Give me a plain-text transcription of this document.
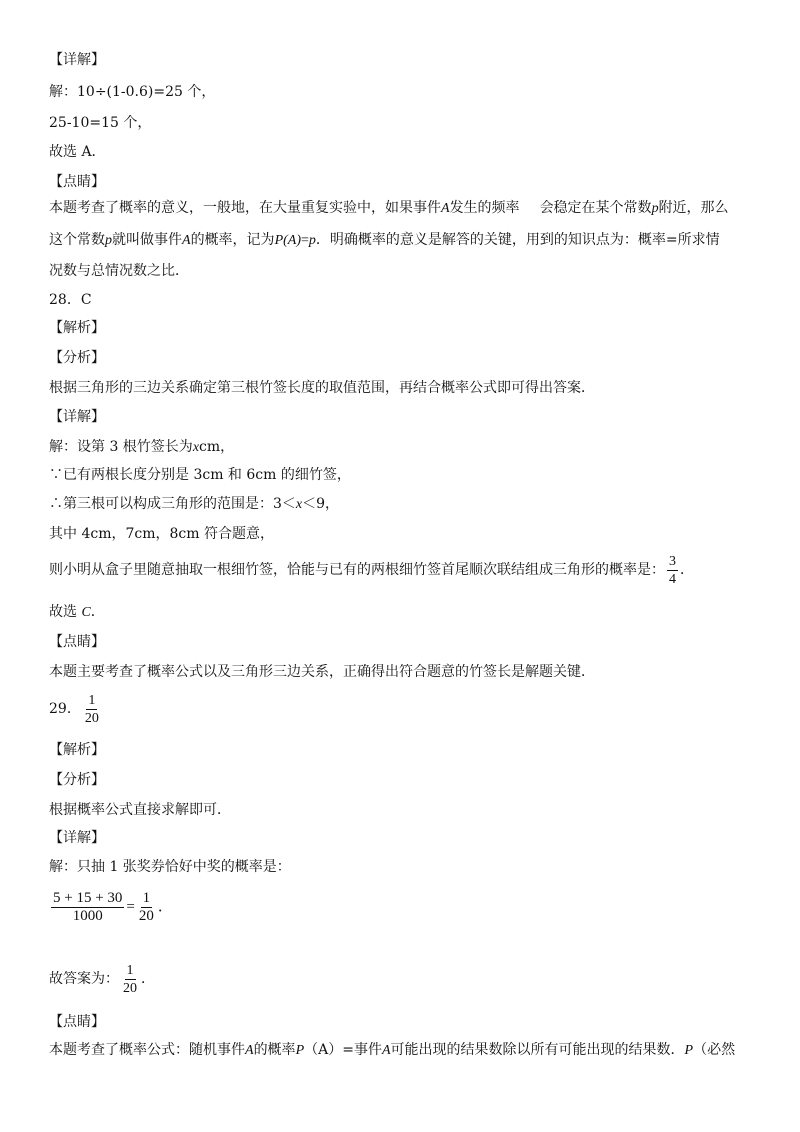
【详解】
解：10÷(1-0.6)=25 个，
25-10=15 个，
故选 A．
【点睛】
本题考查了概率的意义，一般地，在大量重复实验中，如果事件A发生的频率 会稳定在某个常数p附近，那么
这个常数p就叫做事件A的概率，记为P(A)=p．明确概率的意义是解答的关键，用到的知识点为：概率=所求情
况数与总情况数之比．
28．C
【解析】
【分析】
根据三角形的三边关系确定第三根竹签长度的取值范围，再结合概率公式即可得出答案．
【详解】
解：设第 3 根竹签长为xcm，
∵已有两根长度分别是 3cm 和 6cm 的细竹签，
∴第三根可以构成三角形的范围是：3＜x＜9，
其中 4cm，7cm，8cm 符合题意，
则小明从盒子里随意抽取一根细竹签，恰能与已有的两根细竹签首尾顺次联结组成三角形的概率是： $\frac{3}{4}$ ．
故选 C．
【点睛】
本题主要考查了概率公式以及三角形三边关系，正确得出符合题意的竹签长是解题关键．
29． $\frac{1}{20}$
【解析】
【分析】
根据概率公式直接求解即可．
【详解】
解：只抽 1 张奖券恰好中奖的概率是：
$\frac{5 + 15 + 30}{1000} = \frac{1}{20}$ ．
故答案为： $\frac{1}{20}$ ．
【点睛】
本题考查了概率公式：随机事件A的概率P（A）=事件A可能出现的结果数除以所有可能出现的结果数．P（必然
